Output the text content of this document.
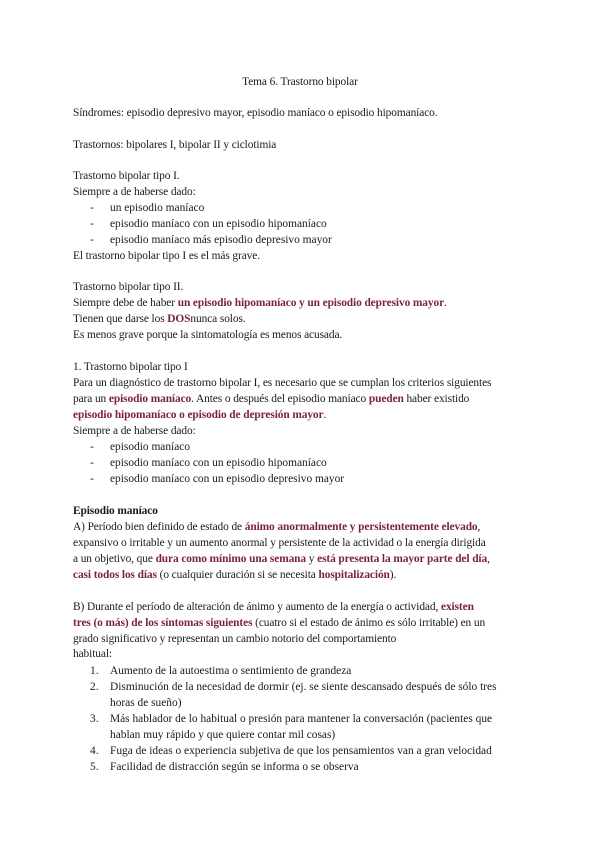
Tema 6. Trastorno bipolar
Síndromes: episodio depresivo mayor, episodio maníaco o episodio hipomaníaco.
Trastornos: bipolares I, bipolar II y ciclotimia
Trastorno bipolar tipo I.
Siempre a de haberse dado:
- un episodio maníaco
- episodio maníaco con un episodio hipomaníaco
- episodio maníaco más episodio depresivo mayor
El trastorno bipolar tipo I es el más grave.
Trastorno bipolar tipo II.
Siempre debe de haber un episodio hipomaníaco y un episodio depresivo mayor.
Tienen que darse los DOSnunca solos.
Es menos grave porque la sintomatología es menos acusada.
1. Trastorno bipolar tipo I
Para un diagnóstico de trastorno bipolar I, es necesario que se cumplan los criterios siguientes
para un episodio maníaco. Antes o después del episodio maníaco pueden haber existido
episodio hipomaníaco o episodio de depresión mayor.
Siempre a de haberse dado:
- episodio maníaco
- episodio maníaco con un episodio hipomaníaco
- episodio maníaco con un episodio depresivo mayor
Episodio maníaco
A) Período bien definido de estado de ánimo anormalmente y persistentemente elevado,
expansivo o irritable y un aumento anormal y persistente de la actividad o la energía dirigida
a un objetivo, que dura como mínimo una semana y está presenta la mayor parte del día,
casi todos los días (o cualquier duración si se necesita hospitalización).
B) Durante el período de alteración de ánimo y aumento de la energía o actividad, existen
tres (o más) de los síntomas siguientes (cuatro si el estado de ánimo es sólo irritable) en un
grado significativo y representan un cambio notorio del comportamiento
habitual:
1. Aumento de la autoestima o sentimiento de grandeza
2. Disminución de la necesidad de dormir (ej. se siente descansado después de sólo tres
horas de sueño)
3. Más hablador de lo habitual o presión para mantener la conversación (pacientes que
hablan muy rápido y que quiere contar mil cosas)
4. Fuga de ideas o experiencia subjetiva de que los pensamientos van a gran velocidad
5. Facilidad de distracción según se informa o se observa
